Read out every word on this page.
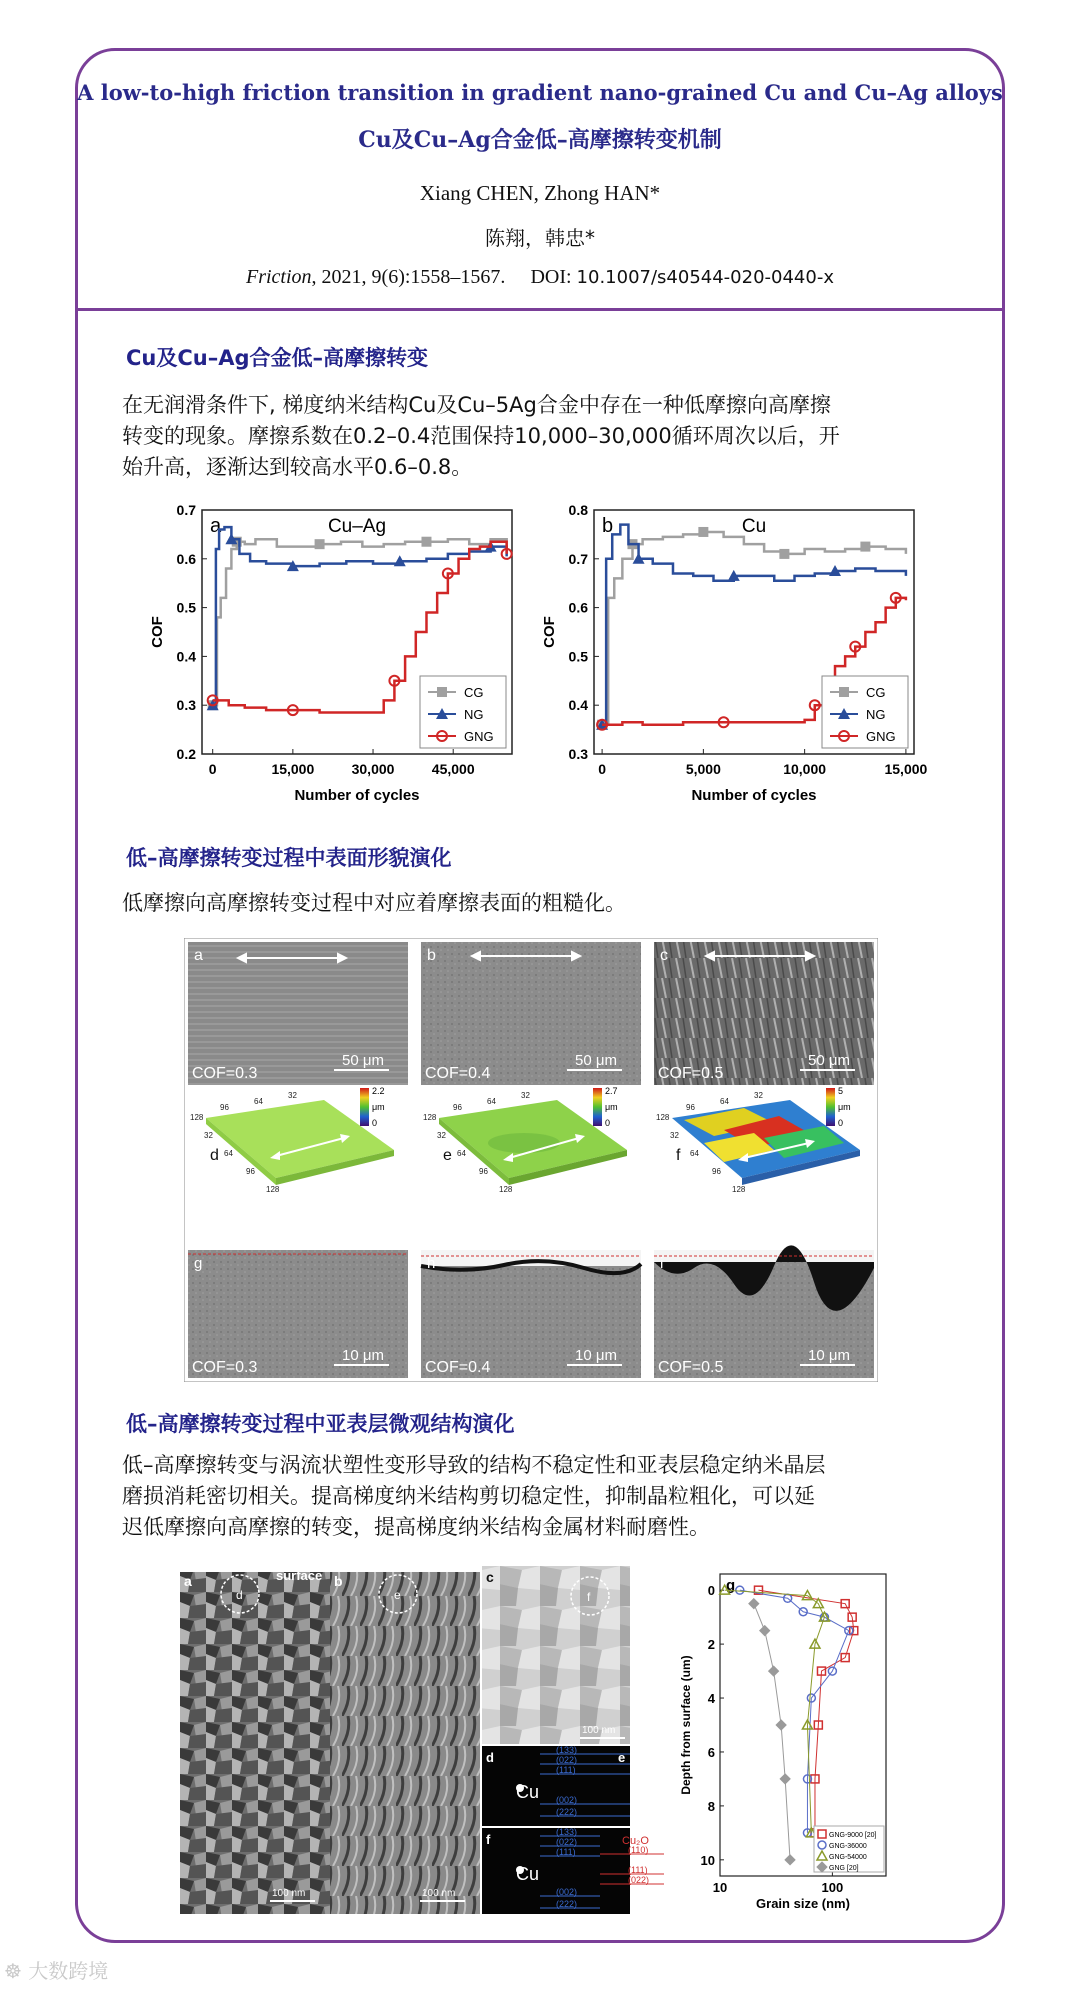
A low-to-high friction transition in gradient nano-grained Cu and Cu–Ag alloys
Cu及Cu–Ag合金低–高摩擦转变机制
Xiang CHEN, Zhong HAN*
陈翔，韩忠*
Friction, 2021, 9(6):1558–1567. DOI: 10.1007/s40544-020-0440-x
Cu及Cu–Ag合金低–高摩擦转变
在无润滑条件下, 梯度纳米结构Cu及Cu–5Ag合金中存在一种低摩擦向高摩擦
转变的现象。摩擦系数在0.2–0.4范围保持10,000–30,000循环周次以后，开
始升高，逐渐达到较高水平0.6–0.8。
0.2
0.3
0.4
0.5
0.6
0.7
0	15,000	30,000	45,000
Number of cycles
COF
a	Cu–Ag
CG
NG
GNG
0.3
0.4
0.5
0.6
0.7
0.8
0	5,000	10,000	15,000
Number of cycles
COF
b	Cu
CG
NG
GNG
低–高摩擦转变过程中表面形貌演化
低摩擦向高摩擦转变过程中对应着摩擦表面的粗糙化。
a	b	c
COF=0.3	COF=0.4	COF=0.5
50 μm	50 μm	50 μm
d	e	f
2.2
μm
0
2.7
μm
0
5
μm
0
128
96
64
32
32
64
96
128
128
96
64
32
32
64
96
128
128
96
64
32
32
64
96
128
g	h	i
COF=0.3	COF=0.4	COF=0.5
10 μm	10 μm	10 μm
低–高摩擦转变过程中亚表层微观结构演化
低–高摩擦转变与涡流状塑性变形导致的结构不稳定性和亚表层稳定纳米晶层
磨损消耗密切相关。提高梯度纳米结构剪切稳定性，抑制晶粒粗化，可以延
迟低摩擦向高摩擦的转变，提高梯度纳米结构金属材料耐磨性。
a	surface
d
b
e
c
f
100 nm	100 nm
100 nm
d	e
f
Cu
Cu
(133)
(022)
(111)
(002)
(222)
(133)
(022)
(111)
(002)
(222)
Cu₂O
(110)
(111)
(022)
0
2
4
6
8
10
10	100
Grain size (nm)
Depth from surface (um)
g
GNG-9000 [20]
GNG-36000
GNG-54000
GNG [20]
☸ 大数跨境
